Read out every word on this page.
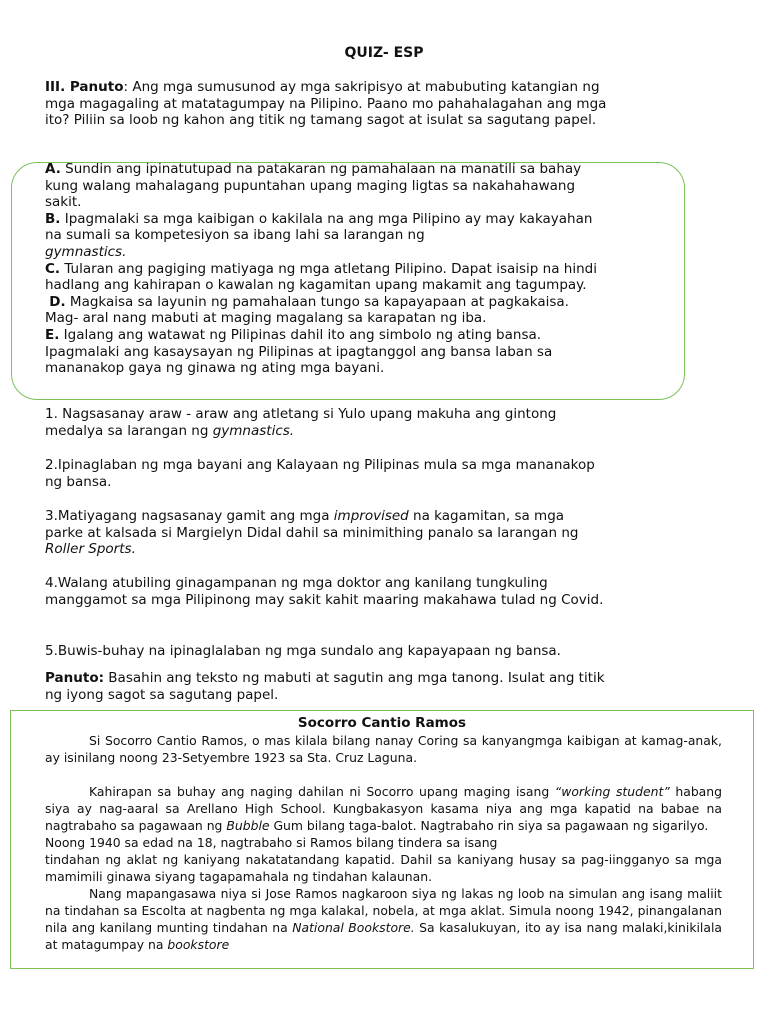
QUIZ- ESP

III. Panuto: Ang mga sumusunod ay mga sakripisyo at mabubuting katangian ng mga magagaling at matatagumpay na Pilipino. Paano mo pahahalagahan ang mga ito? Piliin sa loob ng kahon ang titik ng tamang sagot at isulat sa sagutang papel.

A. Sundin ang ipinatutupad na patakaran ng pamahalaan na manatili sa bahay kung walang mahalagang pupuntahan upang maging ligtas sa nakahahawang sakit.
B. Ipagmalaki sa mga kaibigan o kakilala na ang mga Pilipino ay may kakayahan na sumali sa kompetesiyon sa ibang lahi sa larangan ng
gymnastics.
C. Tularan ang pagiging matiyaga ng mga atletang Pilipino. Dapat isaisip na hindi hadlang ang kahirapan o kawalan ng kagamitan upang makamit ang tagumpay.
D. Magkaisa sa layunin ng pamahalaan tungo sa kapayapaan at pagkakaisa. Mag- aral nang mabuti at maging magalang sa karapatan ng iba.
E. Igalang ang watawat ng Pilipinas dahil ito ang simbolo ng ating bansa. Ipagmalaki ang kasaysayan ng Pilipinas at ipagtanggol ang bansa laban sa mananakop gaya ng ginawa ng ating mga bayani.

1. Nagsasanay araw - araw ang atletang si Yulo upang makuha ang gintong medalya sa larangan ng gymnastics.

2.Ipinaglaban ng mga bayani ang Kalayaan ng Pilipinas mula sa mga mananakop ng bansa.

3.Matiyagang nagsasanay gamit ang mga improvised na kagamitan, sa mga parke at kalsada si Margielyn Didal dahil sa minimithing panalo sa larangan ng Roller Sports.

4.Walang atubiling ginagampanan ng mga doktor ang kanilang tungkuling manggamot sa mga Pilipinong may sakit kahit maaring makahawa tulad ng Covid.

5.Buwis-buhay na ipinaglalaban ng mga sundalo ang kapayapaan ng bansa.

Panuto: Basahin ang teksto ng mabuti at sagutin ang mga tanong. Isulat ang titik ng iyong sagot sa sagutang papel.

Socorro Cantio Ramos

Si Socorro Cantio Ramos, o mas kilala bilang nanay Coring sa kanyangmga kaibigan at kamag-anak, ay isinilang noong 23-Setyembre 1923 sa Sta. Cruz Laguna.

Kahirapan sa buhay ang naging dahilan ni Socorro upang maging isang “working student” habang siya ay nag-aaral sa Arellano High School. Kungbakasyon kasama niya ang mga kapatid na babae na nagtrabaho sa pagawaan ng Bubble Gum bilang taga-balot. Nagtrabaho rin siya sa pagawaan ng sigarilyo.
Noong 1940 sa edad na 18, nagtrabaho si Ramos bilang tindera sa isang
tindahan ng aklat ng kaniyang nakatatandang kapatid. Dahil sa kaniyang husay sa pag-iingganyo sa mga mamimili ginawa siyang tagapamahala ng tindahan kalaunan.

Nang mapangasawa niya si Jose Ramos nagkaroon siya ng lakas ng loob na simulan ang isang maliit na tindahan sa Escolta at nagbenta ng mga kalakal, nobela, at mga aklat. Simula noong 1942, pinangalanan nila ang kanilang munting tindahan na National Bookstore. Sa kasalukuyan, ito ay isa nang malaki,kinikilala at matagumpay na bookstore
